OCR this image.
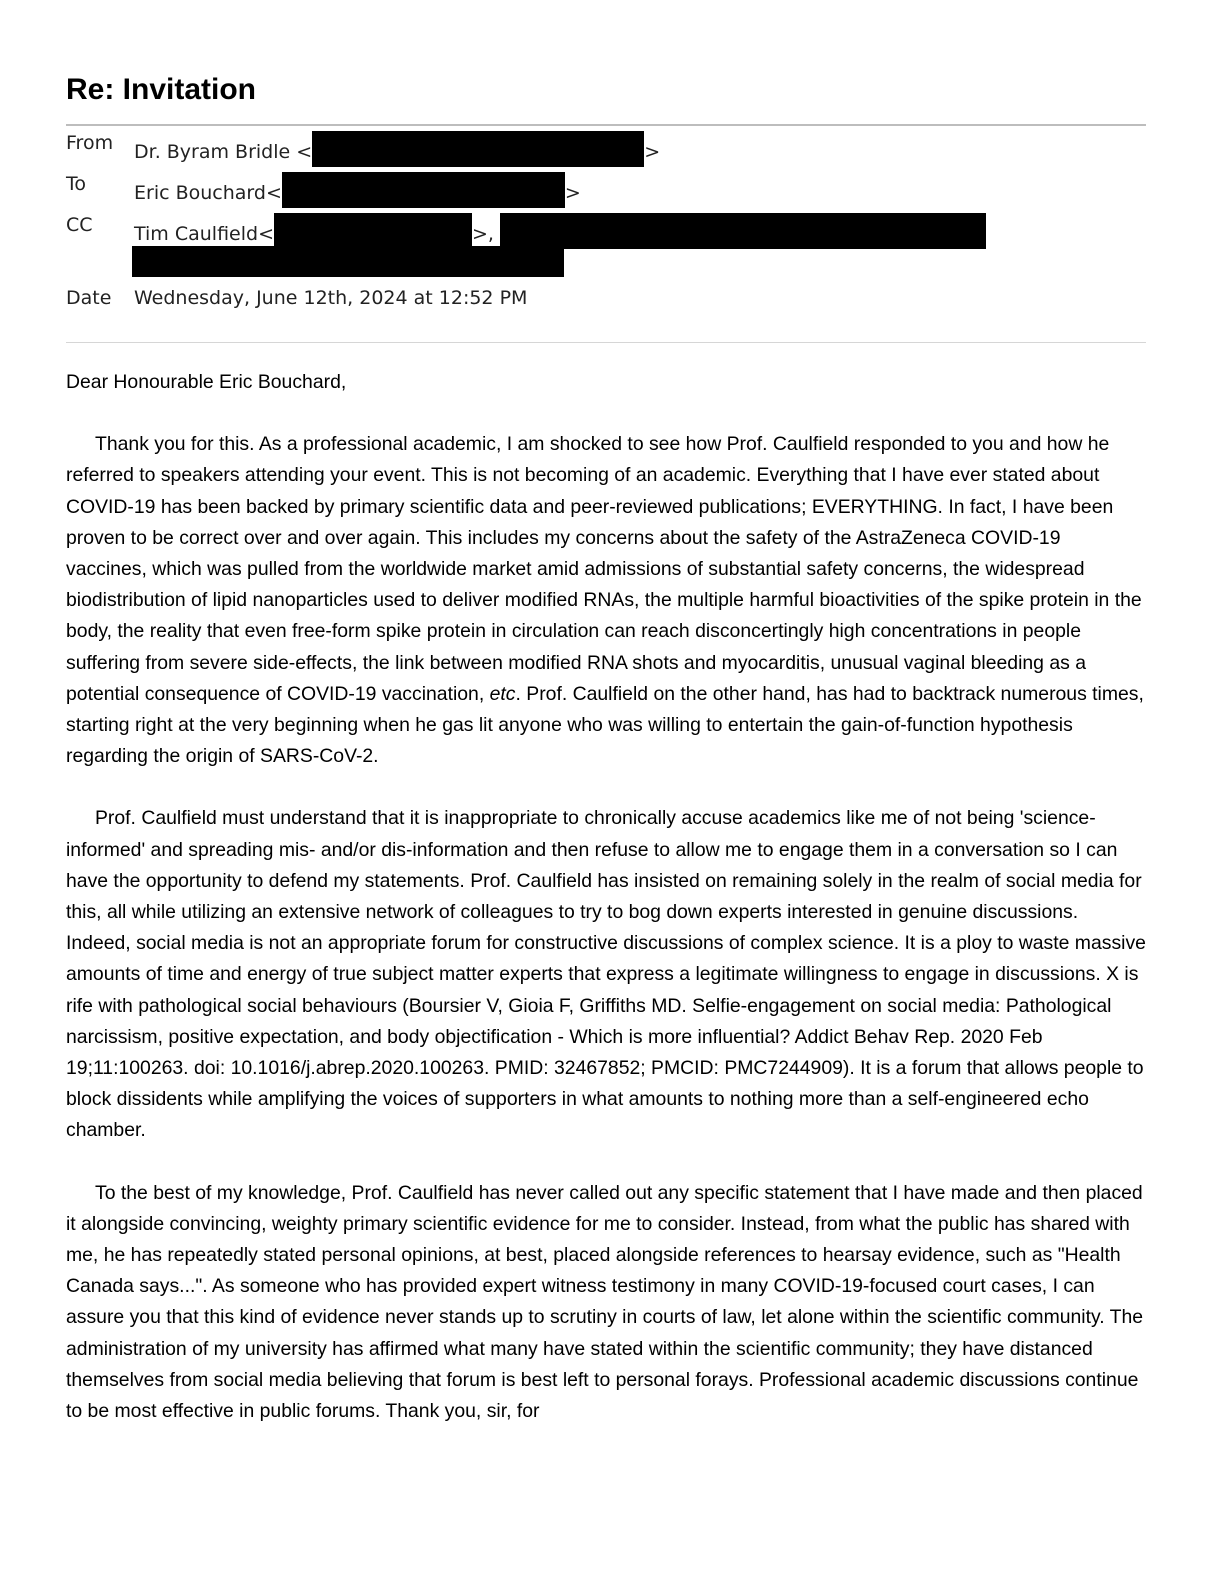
Re: Invitation
From Dr. Byram Bridle <	>
To	Eric Bouchard<	>
CC Tim Caulfield<	>,
Date Wednesday, June 12th, 2024 at 12:52 PM

Dear Honourable Eric Bouchard,

Thank you for this. As a professional academic, I am shocked to see how Prof. Caulfield responded to you and how he referred to speakers attending your event. This is not becoming of an academic. Everything that I have ever stated about COVID-19 has been backed by primary scientific data and peer-reviewed publications; EVERYTHING. In fact, I have been proven to be correct over and over again. This includes my concerns about the safety of the AstraZeneca COVID-19 vaccines, which was pulled from the worldwide market amid admissions of substantial safety concerns, the widespread biodistribution of lipid nanoparticles used to deliver modified RNAs, the multiple harmful bioactivities of the spike protein in the body, the reality that even free-form spike protein in circulation can reach disconcertingly high concentrations in people suffering from severe side-effects, the link between modified RNA shots and myocarditis, unusual vaginal bleeding as a potential consequence of COVID-19 vaccination, etc. Prof. Caulfield on the other hand, has had to backtrack numerous times, starting right at the very beginning when he gas lit anyone who was willing to entertain the gain-of-function hypothesis regarding the origin of SARS-CoV-2.

Prof. Caulfield must understand that it is inappropriate to chronically accuse academics like me of not being 'science-informed' and spreading mis- and/or dis-information and then refuse to allow me to engage them in a conversation so I can have the opportunity to defend my statements. Prof. Caulfield has insisted on remaining solely in the realm of social media for this, all while utilizing an extensive network of colleagues to try to bog down experts interested in genuine discussions. Indeed, social media is not an appropriate forum for constructive discussions of complex science. It is a ploy to waste massive amounts of time and energy of true subject matter experts that express a legitimate willingness to engage in discussions. X is rife with pathological social behaviours (Boursier V, Gioia F, Griffiths MD. Selfie-engagement on social media: Pathological narcissism, positive expectation, and body objectification - Which is more influential? Addict Behav Rep. 2020 Feb 19;11:100263. doi: 10.1016/j.abrep.2020.100263. PMID: 32467852; PMCID: PMC7244909). It is a forum that allows people to block dissidents while amplifying the voices of supporters in what amounts to nothing more than a self-engineered echo chamber.

To the best of my knowledge, Prof. Caulfield has never called out any specific statement that I have made and then placed it alongside convincing, weighty primary scientific evidence for me to consider. Instead, from what the public has shared with me, he has repeatedly stated personal opinions, at best, placed alongside references to hearsay evidence, such as "Health Canada says...". As someone who has provided expert witness testimony in many COVID-19-focused court cases, I can assure you that this kind of evidence never stands up to scrutiny in courts of law, let alone within the scientific community. The administration of my university has affirmed what many have stated within the scientific community; they have distanced themselves from social media believing that forum is best left to personal forays. Professional academic discussions continue to be most effective in public forums. Thank you, sir, for
